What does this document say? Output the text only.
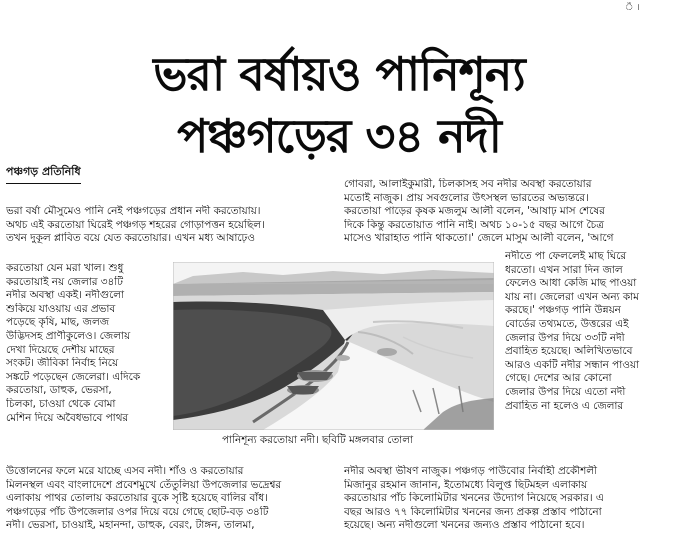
ঁ ।
ভরা বর্ষায়ও পানিশূন্য
পঞ্চগড়ের ৩৪ নদী
পঞ্চগড় প্রতিনিধি
ভরা বর্ষা মৌসুমেও পানি নেই পঞ্চগড়ের প্রধান নদী করতোয়ায়।
অথচ এই করতোয়া ঘিরেই পঞ্চগড় শহরের গোড়াপত্তন হয়েছিল।
তখন দুকূল প্লাবিত বয়ে যেত করতোয়ার। এখন মধ্য আষাঢ়েও
করতোয়া যেন মরা খাল। শুধু
করতোয়াই নয় জেলার ৩৪টি
নদীর অবস্থা একই। নদীগুলো
শুকিয়ে যাওয়ায় এর প্রভাব
পড়েছে কৃষি, মাছ, জলজ
উদ্ভিদসহ প্রাণীকুলেও। জেলায়
দেখা দিয়েছে দেশীয় মাছের
সংকট। জীবিকা নির্বাহ নিয়ে
সঙ্কটে পড়েছেন জেলেরা। এদিকে
করতোয়া, ডাহুক, ভেরসা,
চিলকা, চাওয়া থেকে বোমা
মেশিন দিয়ে অবৈধভাবে পাথর
উত্তোলনের ফলে মরে যাচ্ছে এসব নদী। শাঁও ও করতোয়ার
মিলনস্থল এবং বাংলাদেশে প্রবেশমুখে তেঁতুলিয়া উপজেলার ভদ্রেশ্বর
এলাকায় পাথর তোলায় করতোয়ার বুকে সৃষ্টি হয়েছে বালির বাঁধ।
পঞ্চগড়ের পাঁচ উপজেলার ওপর দিয়ে বয়ে গেছে ছোট-বড় ৩৪টি
নদী। ভেরসা, চাওয়াই, মহানন্দা, ডাহুক, বেরং, টাঙ্গন, তালমা,
গোবরা, আলাইকুমারী, চিলকাসহ সব নদীর অবস্থা করতোয়ার
মতোই নাজুক। প্রায় সবগুলোর উৎসস্থল ভারতের অভ্যন্তরে।
করতোয়া পাড়ের কৃষক মজলুম আলী বলেন, 'আষাঢ় মাস শেষের
দিকে কিন্তু করতোয়াত পানি নাই। অথচ ১০-১৫ বছর আগে চৈত্র
মাসেও খারাহাত পানি থাকতো।' জেলে মাসুম আলী বলেন, 'আগে
নদীতে পা ফেললেই মাছ ঘিরে
ধরতো। এখন সারা দিন জাল
ফেলেও আধা কেজি মাছ পাওয়া
যায় না। জেলেরা এখন অন্য কাম
করছে।' পঞ্চগড় পানি উন্নয়ন
বোর্ডের তথ্যমতে, উত্তরের এই
জেলার উপর দিয়ে ৩৩টি নদী
প্রবাহিত হয়েছে। অলিখিতভাবে
আরও একটি নদীর সন্ধান পাওয়া
গেছে। দেশের আর কোনো
জেলার উপর দিয়ে এতো নদী
প্রবাহিত না হলেও এ জেলার
নদীর অবস্থা ভীষণ নাজুক। পঞ্চগড় পাউবোর নির্বাহী প্রকৌশলী
মিজানুর রহমান জানান, ইতোমধ্যে বিলুপ্ত ছিটমহল এলাকায়
করতোয়ার পাঁচ কিলোমিটার খননের উদ্যোগ নিয়েছে সরকার। এ
বছর আরও ৭৭ কিলোমিটার খননের জন্য প্রকল্প প্রস্তাব পাঠানো
হয়েছে। অন্য নদীগুলো খননের জন্যও প্রস্তাব পাঠানো হবে।
পানিশূন্য করতোয়া নদী। ছবিটি মঙ্গলবার তোলা
